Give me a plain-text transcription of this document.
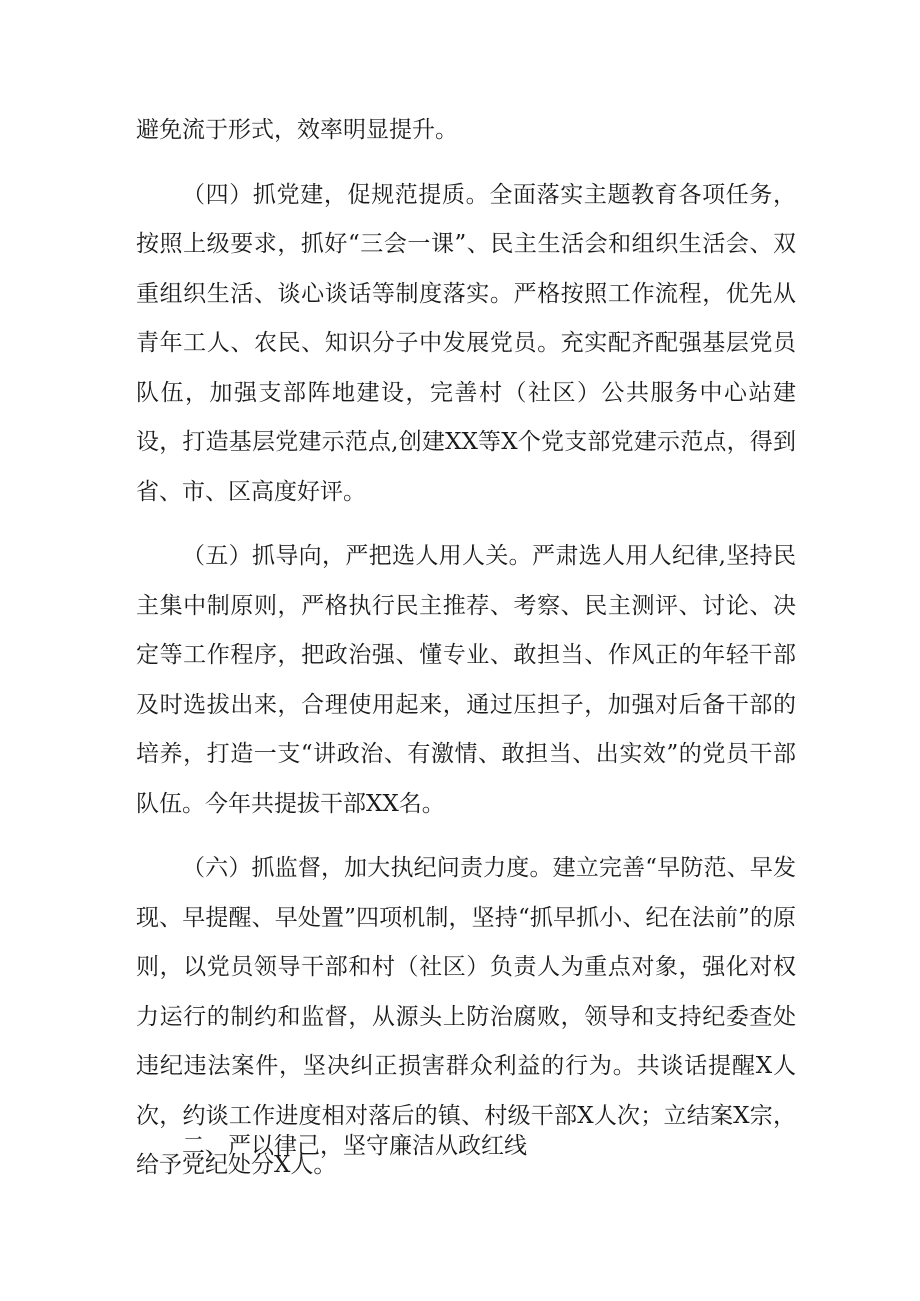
避免流于形式，效率明显提升。

（四）抓党建，促规范提质。全面落实主题教育各项任务，按照上级要求，抓好“三会一课”、民主生活会和组织生活会、双重组织生活、谈心谈话等制度落实。严格按照工作流程，优先从青年工人、农民、知识分子中发展党员。充实配齐配强基层党员队伍，加强支部阵地建设，完善村（社区）公共服务中心站建设，打造基层党建示范点,创建XX等X个党支部党建示范点，得到省、市、区高度好评。

（五）抓导向，严把选人用人关。严肃选人用人纪律,坚持民主集中制原则，严格执行民主推荐、考察、民主测评、讨论、决定等工作程序，把政治强、懂专业、敢担当、作风正的年轻干部及时选拔出来，合理使用起来，通过压担子，加强对后备干部的培养，打造一支“讲政治、有激情、敢担当、出实效”的党员干部队伍。今年共提拔干部XX名。

（六）抓监督，加大执纪问责力度。建立完善“早防范、早发现、早提醒、早处置”四项机制，坚持“抓早抓小、纪在法前”的原则，以党员领导干部和村（社区）负责人为重点对象，强化对权力运行的制约和监督，从源头上防治腐败，领导和支持纪委查处违纪违法案件，坚决纠正损害群众利益的行为。共谈话提醒X人次，约谈工作进度相对落后的镇、村级干部X人次；立结案X宗，给予党纪处分X人。

二、严以律己，坚守廉洁从政红线
